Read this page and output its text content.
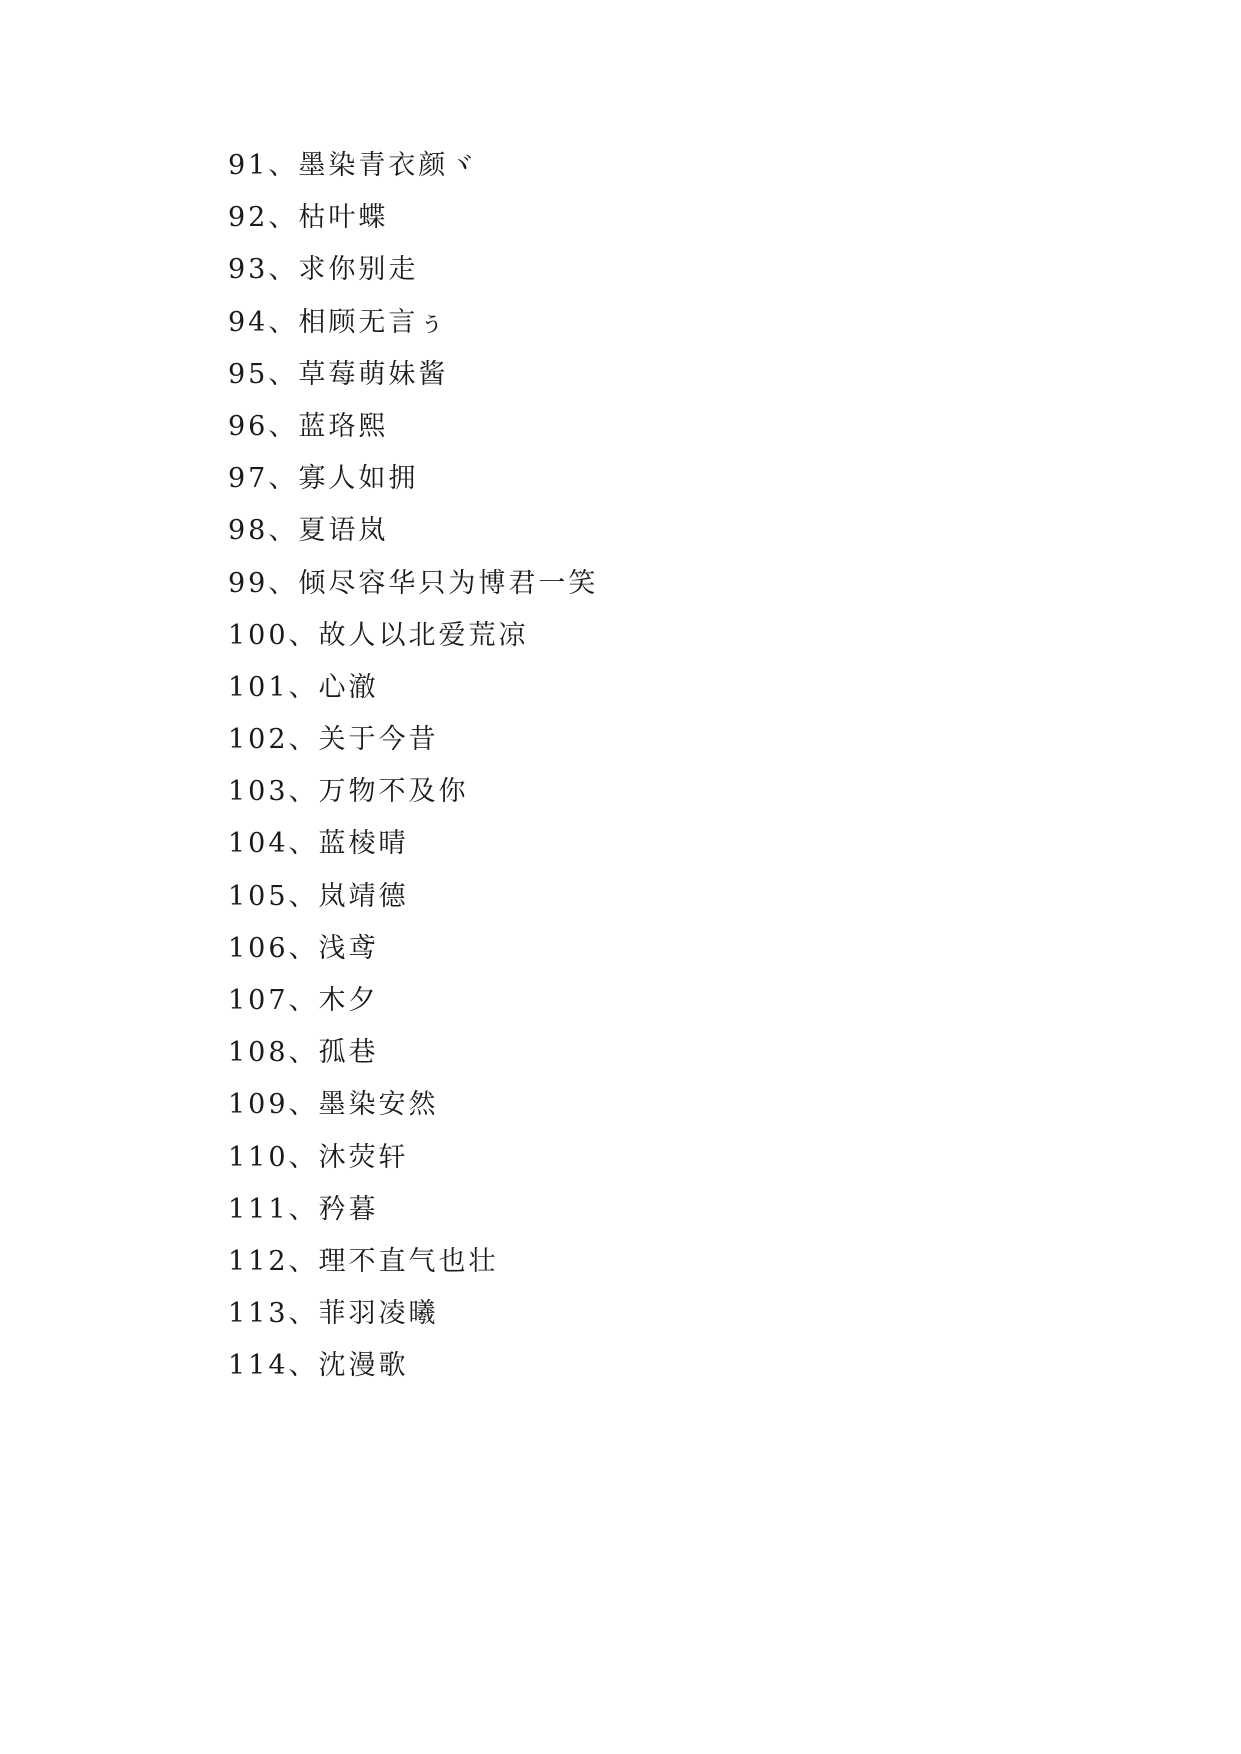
91、墨染青衣颜ヾ
92、枯叶蝶
93、求你别走
94、相顾无言ぅ
95、草莓萌妹酱
96、蓝珞熙
97、寡人如拥
98、夏语岚
99、倾尽容华只为博君一笑
100、故人以北爱荒凉
101、心澈
102、关于今昔
103、万物不及你
104、蓝棱晴
105、岚靖德
106、浅鸢
107、木夕
108、孤巷
109、墨染安然
110、沐荧轩
111、矜暮
112、理不直气也壮
113、菲羽凌曦
114、沈漫歌
